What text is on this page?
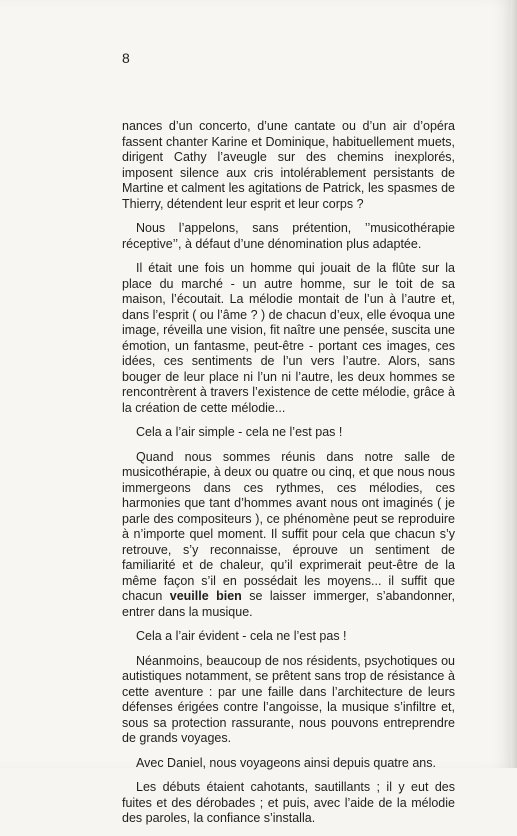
8

nances d’un concerto, d’une cantate ou d’un air d’opéra fassent chanter Karine et Dominique, habituellement muets, dirigent Cathy l’aveugle sur des chemins inexplorés, imposent silence aux cris intolérablement persistants de Martine et calment les agitations de Patrick, les spasmes de Thierry, détendent leur esprit et leur corps ?

Nous l’appelons, sans prétention, ’’musicothérapie réceptive’’, à défaut d’une dénomination plus adaptée.

Il était une fois un homme qui jouait de la flûte sur la place du marché - un autre homme, sur le toit de sa maison, l’écoutait. La mélodie montait de l’un à l’autre et, dans l’esprit ( ou l’âme ? ) de chacun d’eux, elle évoqua une image, réveilla une vision, fit naître une pensée, suscita une émotion, un fantasme, peut-être - portant ces images, ces idées, ces sentiments de l’un vers l’autre. Alors, sans bouger de leur place ni l’un ni l’autre, les deux hommes se rencontrèrent à travers l’existence de cette mélodie, grâce à la création de cette mélodie...

Cela a l’air simple - cela ne l’est pas !

Quand nous sommes réunis dans notre salle de musicothérapie, à deux ou quatre ou cinq, et que nous nous immergeons dans ces rythmes, ces mélodies, ces harmonies que tant d’hommes avant nous ont imaginés ( je parle des compositeurs ), ce phénomène peut se reproduire à n’importe quel moment. Il suffit pour cela que chacun s’y retrouve, s’y reconnaisse, éprouve un sentiment de familiarité et de chaleur, qu’il exprimerait peut-être de la même façon s’il en possédait les moyens... il suffit que chacun veuille bien se laisser immerger, s’abandonner, entrer dans la musique.

Cela a l’air évident - cela ne l’est pas !

Néanmoins, beaucoup de nos résidents, psychotiques ou autistiques notamment, se prêtent sans trop de résistance à cette aventure : par une faille dans l’architecture de leurs défenses érigées contre l’angoisse, la musique s’infiltre et, sous sa protection rassurante, nous pouvons entreprendre de grands voyages.

Avec Daniel, nous voyageons ainsi depuis quatre ans.

Les débuts étaient cahotants, sautillants ; il y eut des fuites et des dérobades ; et puis, avec l’aide de la mélodie des paroles, la confiance s’installa.
